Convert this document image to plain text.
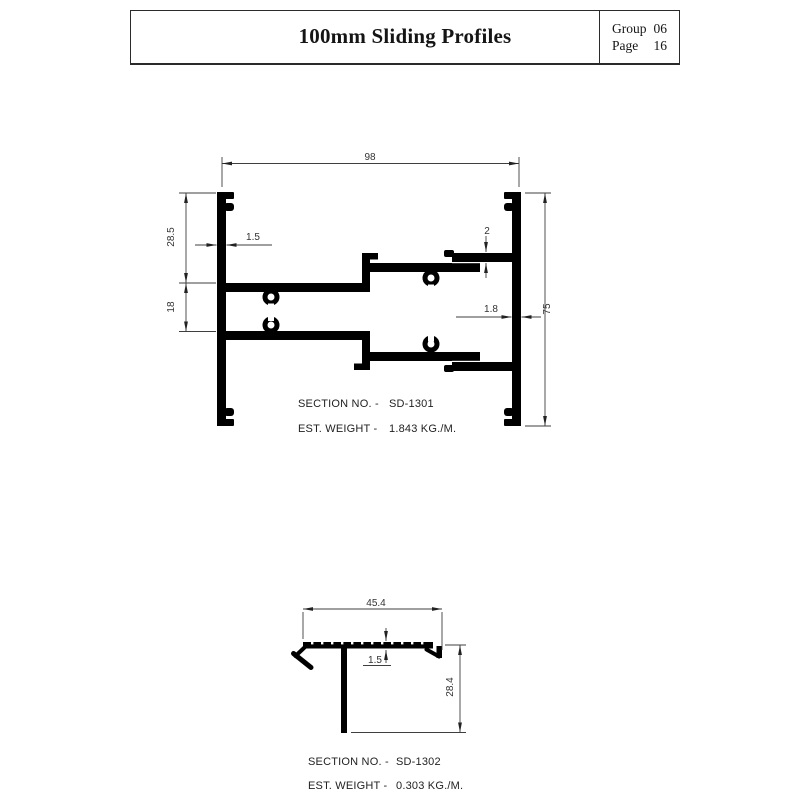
100mm Sliding Profiles	Group 06
Page 16
98
28.5
18
1.5
2
1.8	75
SECTION NO. - SD-1301
EST. WEIGHT -	1.843 KG./M.
45.4
1.5
28.4
SECTION NO. - SD-1302
EST. WEIGHT - 0.303 KG./M.
